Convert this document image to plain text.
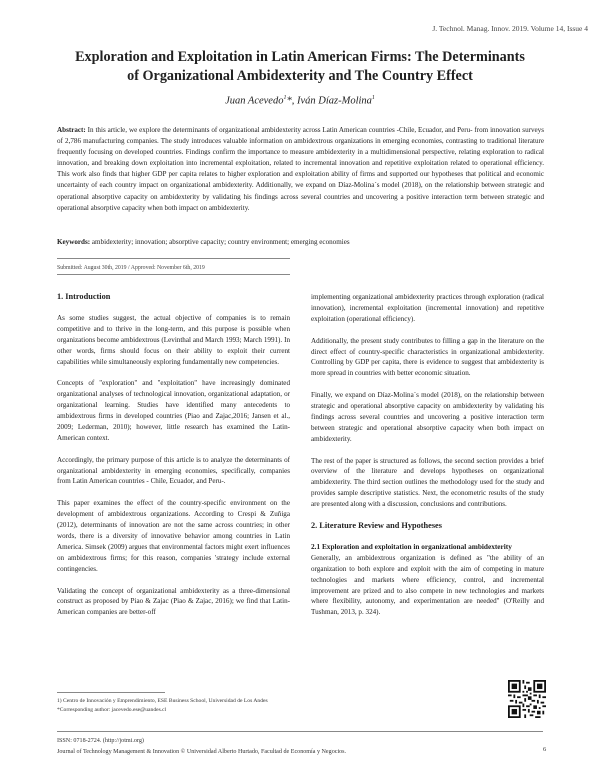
J. Technol. Manag. Innov. 2019. Volume 14, Issue 4
Exploration and Exploitation in Latin American Firms: The Determinants
of Organizational Ambidexterity and The Country Effect
Juan Acevedo$^1$*, Iván Díaz-Molina$^1$
Abstract: In this article, we explore the determinants of organizational ambidexterity across Latin American countries -Chile, Ecuador, and Peru- from innovation surveys of 2,786 manufacturing companies. The study introduces valuable information on ambidextrous organizations in emerging economies, contrasting to traditional literature frequently focusing on developed countries. Findings confirm the importance to measure ambidexterity in a multidimensional perspective, relating exploration to radical innovation, and breaking down exploitation into incremental exploitation, related to incremental innovation and repetitive exploitation related to operational efficiency. This work also finds that higher GDP per capita relates to higher exploration and exploitation ability of firms and supported our hypotheses that political and economic uncertainty of each country impact on organizational ambidexterity. Additionally, we expand on Díaz-Molina´s model (2018), on the relationship between strategic and operational absorptive capacity on ambidexterity by validating his findings across several countries and uncovering a positive interaction term between strategic and operational absorptive capacity when both impact on ambidexterity.
Keywords: ambidexterity; innovation; absorptive capacity; country environment; emerging economies
Submitted: August 30th, 2019 / Approved: November 6th, 2019
1. Introduction

As some studies suggest, the actual objective of companies is to remain competitive and to thrive in the long-term, and this purpose is possible when organizations become ambidextrous (Levinthal and March 1993; March 1991). In other words, firms should focus on their ability to exploit their current capabilities while simultaneously exploring fundamentally new competencies.

Concepts of "exploration" and "exploitation" have increasingly dominated organizational analyses of technological innovation, organizational adaptation, or organizational learning. Studies have identified many antecedents to ambidextrous firms in developed countries (Piao and Zajac,2016; Jansen et al., 2009; Lederman, 2010); however, little research has examined the Latin-American context.

Accordingly, the primary purpose of this article is to analyze the determinants of organizational ambidexterity in emerging economies, specifically, companies from Latin American countries - Chile, Ecuador, and Peru-.

This paper examines the effect of the country-specific environment on the development of ambidextrous organizations. According to Crespi & Zuñiga (2012), determinants of innovation are not the same across countries; in other words, there is a diversity of innovative behavior among countries in Latin America. Simsek (2009) argues that environmental factors might exert influences on ambidextrous firms; for this reason, companies 'strategy include external contingencies.

Validating the concept of organizational ambidexterity as a three-dimensional construct as proposed by Piao & Zajac (Piao & Zajac, 2016); we find that Latin-American companies are better-off

implementing organizational ambidexterity practices through exploration (radical innovation), incremental exploitation (incremental innovation) and repetitive exploitation (operational efficiency).

Additionally, the present study contributes to filling a gap in the literature on the direct effect of country-specific characteristics in organizational ambidexterity. Controlling by GDP per capita, there is evidence to suggest that ambidexterity is more spread in countries with better economic situation.

Finally, we expand on Díaz-Molina´s model (2018), on the relationship between strategic and operational absorptive capacity on ambidexterity by validating his findings across several countries and uncovering a positive interaction term between strategic and operational absorptive capacity when both impact on ambidexterity.

The rest of the paper is structured as follows, the second section provides a brief overview of the literature and develops hypotheses on organizational ambidexterity. The third section outlines the methodology used for the study and provides sample descriptive statistics. Next, the econometric results of the study are presented along with a discussion, conclusions and contributions.

2. Literature Review and Hypotheses
2.1 Exploration and exploitation in organizational ambidexterity

Generally, an ambidextrous organization is defined as "the ability of an organization to both explore and exploit with the aim of competing in mature technologies and markets where efficiency, control, and incremental improvement are prized and to also compete in new technologies and markets where flexibility, autonomy, and experimentation are needed" (O'Reilly and Tushman, 2013, p. 324).

1) Centro de Innovación y Emprendimiento, ESE Business School, Universidad de Los Andes
*Corresponding author: jacevedo.ese@uandes.cl
ISSN: 0718-2724. (http://jotmi.org)
Journal of Technology Management & Innovation © Universidad Alberto Hurtado, Facultad de Economía y Negocios.	6
